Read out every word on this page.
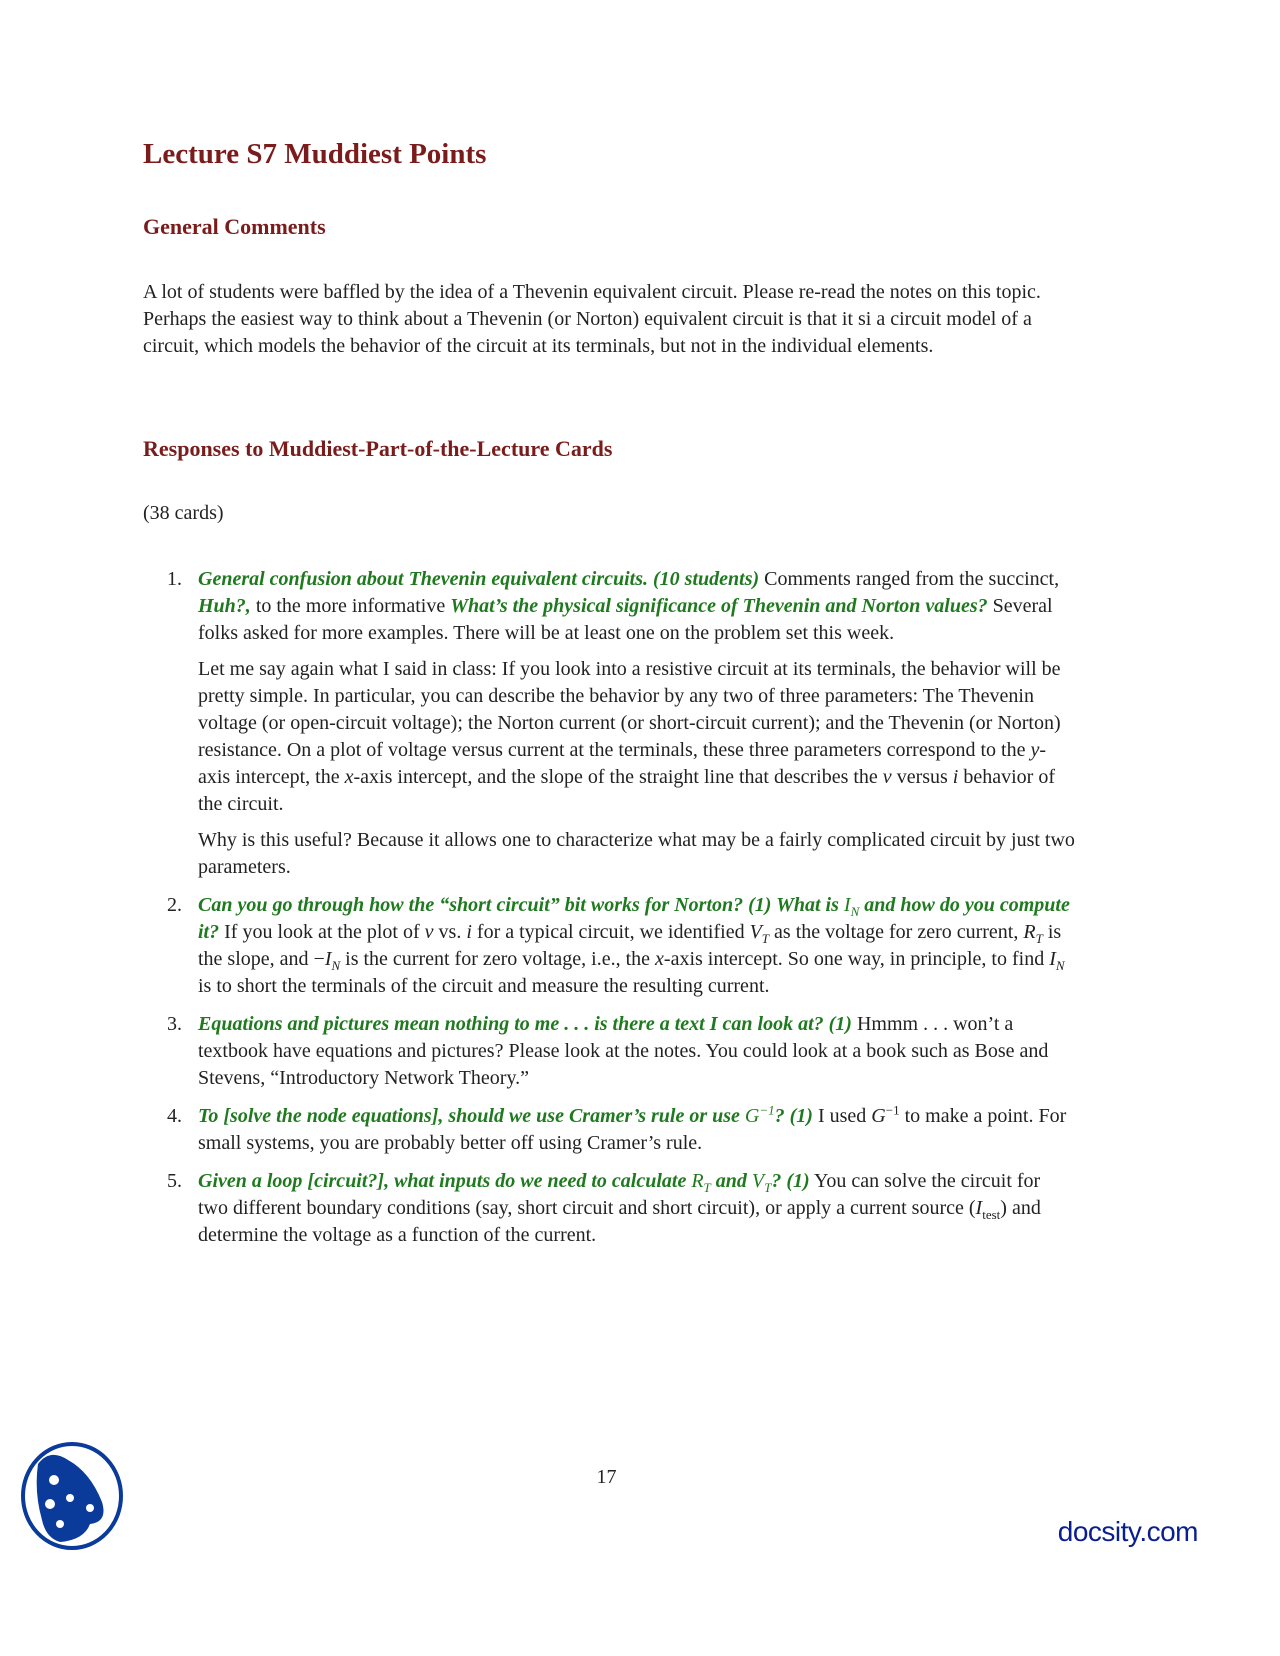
Lecture S7 Muddiest Points
General Comments

A lot of students were baffled by the idea of a Thevenin equivalent circuit. Please re-read the notes on this topic. Perhaps the easiest way to think about a Thevenin (or Norton) equivalent circuit is that it si a circuit model of a circuit, which models the behavior of the circuit at its terminals, but not in the individual elements.

Responses to Muddiest-Part-of-the-Lecture Cards

(38 cards)

1. General confusion about Thevenin equivalent circuits. (10 students) Comments ranged from the succinct, Huh?, to the more informative What’s the physical significance of Thevenin and Norton values? Several folks asked for more examples. There will be at least one on the problem set this week.

Let me say again what I said in class: If you look into a resistive circuit at its terminals, the behavior will be pretty simple. In particular, you can describe the behavior by any two of three parameters: The Thevenin voltage (or open-circuit voltage); the Norton current (or short-circuit current); and the Thevenin (or Norton) resistance. On a plot of voltage versus current at the terminals, these three parameters correspond to the y-axis intercept, the x-axis intercept, and the slope of the straight line that describes the v versus i behavior of the circuit.

Why is this useful? Because it allows one to characterize what may be a fairly complicated circuit by just two parameters.

2. Can you go through how the “short circuit” bit works for Norton? (1) What is $I_N$ and how do you compute it? If you look at the plot of v vs. i for a typical circuit, we identified $V_T$ as the voltage for zero current, $R_T$ is the slope, and $-I_N$ is the current for zero voltage, i.e., the x-axis intercept. So one way, in principle, to find $I_N$ is to short the terminals of the circuit and measure the resulting current.

3. Equations and pictures mean nothing to me . . . is there a text I can look at? (1) Hmmm . . . won’t a textbook have equations and pictures? Please look at the notes. You could look at a book such as Bose and Stevens, “Introductory Network Theory.”

4. To [solve the node equations], should we use Cramer’s rule or use $G^{-1}$? (1) I used $G^{-1}$ to make a point. For small systems, you are probably better off using Cramer’s rule.

5. Given a loop [circuit?], what inputs do we need to calculate $R_T$ and $V_T$? (1) You can solve the circuit for two different boundary conditions (say, short circuit and short circuit), or apply a current source $(I_{test})$ and determine the voltage as a function of the current.

17
docsity.com
